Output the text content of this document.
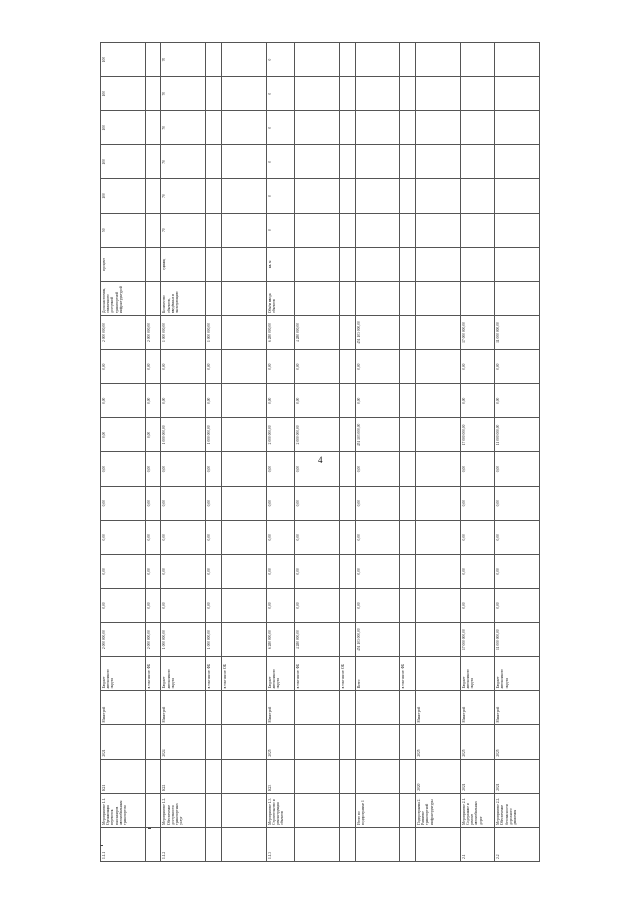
4
1.1.1	Мероприятие 1.1. Организация перевозок пассажиров автомобильным транспортом	К21	2021	Минстрой	Бюджет автономного округа	2 000 000,00	0,00	0,00	0,00	0,00	0,00	0,00	0,00	0,00	2 000 000,00	Доля населения, охваченного доступной транспортной инфраструктурой	процент	50	100	100	100	100	100
					в том числе: ФБ	2 000 000,00	0,00	0,00	0,00	0,00	0,00	0,00	0,00	0,00	2 000 000,00								
1.1.2	Мероприятие 1.2. Обеспечение доступности транспортных услуг	К22	2024	Минстрой	Бюджет автономного округа	1 000 000,00	0,00	0,00	0,00	0,00	0,00	1 000 000,00	0,00	0,00	1 000 000,00	Количество объектов, введённых в эксплуатацию	единиц	70	70	70	70	70	70
					в том числе: ФБ	1 000 000,00	0,00	0,00	0,00	0,00	0,00	1 000 000,00	0,00	0,00	1 000 000,00								
					в том числе: ОБ																		
1.1.3	Мероприятие 1.3. Строительство и реконструкция объектов	К23	2025	Минстрой	Бюджет автономного округа	6 280 000,00	0,00	0,00	0,00	0,00	0,00	2 000 000,00	0,00	0,00	6 280 000,00	Объём ввода объектов	кв. м	0	0	0	0	0	0
					в том числе: ФБ	4 280 000,00	0,00	0,00	0,00	0,00	0,00	2 000 000,00	0,00	0,00	4 280 000,00								
					в том числе: ОБ																		
	Итого по подпрограмме 1				Всего	451 103 000,00	0,00	0,00	0,00	0,00	0,00	451 103 000,00	0,00	0,00	451 103 000,00								
					в том числе: ФБ																		
	Подпрограмма 2. Развитие транспортной инфраструктуры	2020	2025	Минстрой																			
2.1	Мероприятие 2.1. Содержание и ремонт автомобильных дорог	2021	2025	Минстрой	Бюджет автономного округа	17 000 000,00	0,00	0,00	0,00	0,00	0,00	17 000 000,00	0,00	0,00	17 000 000,00								
2.2	Мероприятие 2.2. Обеспечение безопасности дорожного движения	2021	2025	Минстрой	Бюджет автономного округа	11 000 000,00	0,00	0,00	0,00	0,00	0,00	11 000 000,00	0,00	0,00	11 000 000,00								
